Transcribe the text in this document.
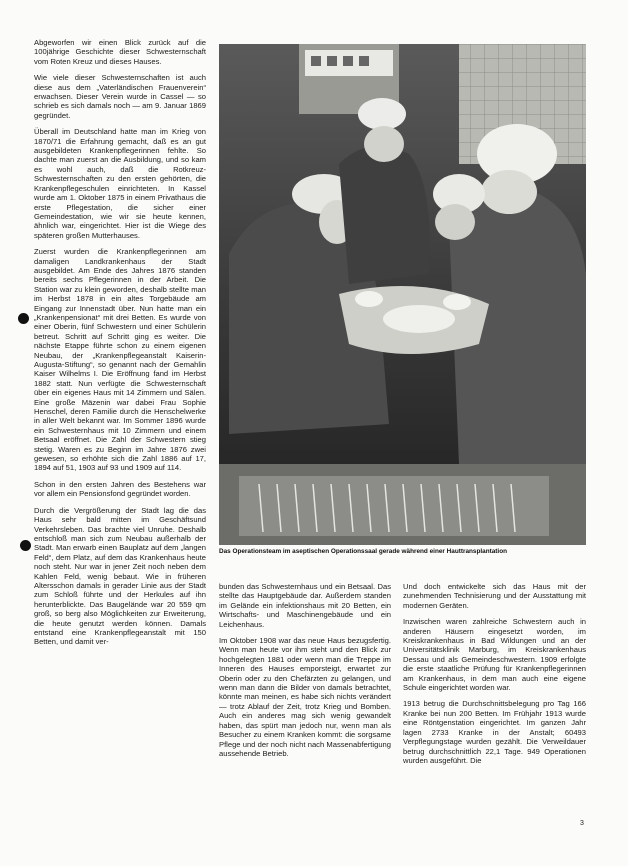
Abgeworfen wir einen Blick zurück auf die 100jährige Geschichte dieser Schwesternschaft vom Roten Kreuz und dieses Hauses.

Wie viele dieser Schwesternschaften ist auch diese aus dem „Vaterländischen Frauenverein“ erwachsen. Dieser Verein wurde in Cassel — so schrieb es sich damals noch — am 9. Januar 1869 gegründet.

Überall im Deutschland hatte man im Krieg von 1870/71 die Erfahrung gemacht, daß es an gut ausgebildeten Krankenpflegerinnen fehlte. So dachte man zuerst an die Ausbildung, und so kam es wohl auch, daß die Rotkreuz-Schwesternschaften zu den ersten gehörten, die Krankenpflegeschulen einrichteten. In Kassel wurde am 1. Oktober 1875 in einem Privathaus die erste Pflegestation, die sicher einer Gemeindestation, wie wir sie heute kennen, ähnlich war, eingerichtet. Hier ist die Wiege des späteren großen Mutterhauses.

Zuerst wurden die Krankenpflegerinnen am damaligen Landkrankenhaus der Stadt ausgebildet. Am Ende des Jahres 1876 standen bereits sechs Pflegerinnen in der Arbeit. Die Station war zu klein geworden, deshalb stellte man im Herbst 1878 in ein altes Torgebäude am Eingang zur Innenstadt über. Nun hatte man ein „Krankenpensionat“ mit drei Betten. Es wurde von einer Oberin, fünf Schwestern und einer Schülerin betreut. Schritt auf Schritt ging es weiter. Die nächste Etappe führte schon zu einem eigenen Neubau, der „Krankenpflegeanstalt Kaiserin-Augusta-Stiftung“, so genannt nach der Gemahlin Kaiser Wilhelms I. Die Eröffnung fand im Herbst 1882 statt. Nun verfügte die Schwesternschaft über ein eigenes Haus mit 14 Zimmern und Sälen. Eine große Mäzenin war dabei Frau Sophie Henschel, deren Familie durch die Henschelwerke in aller Welt bekannt war. Im Sommer 1896 wurde ein Schwesternhaus mit 10 Zimmern und einem Betsaal eröffnet. Die Zahl der Schwestern stieg stetig. Waren es zu Beginn im Jahre 1876 zwei gewesen, so erhöhte sich die Zahl 1886 auf 17, 1894 auf 51, 1903 auf 93 und 1909 auf 114.

Schon in den ersten Jahren des Bestehens war vor allem ein Pensionsfond gegründet worden.

Durch die Vergrößerung der Stadt lag die das Haus sehr bald mitten im Geschäftsund Verkehrsleben. Das brachte viel Unruhe. Deshalb entschloß man sich zum Neubau außerhalb der Stadt. Man erwarb einen Bauplatz auf dem „langen Feld“, dem Platz, auf dem das Krankenhaus heute noch steht. Nur war in jener Zeit noch neben dem Kahlen Feld, wenig bebaut. Wie in früheren Altersschon damals in gerader Linie aus der Stadt zum Schloß führte und der Herkules auf ihn herunterblickte. Das Baugelände war 20 559 qm groß, so berg also Möglichkeiten zur Erweiterung, die heute genutzt werden können. Damals entstand eine Krankenpflegeanstalt mit 150 Betten, und damit ver-

Das Operationsteam im aseptischen Operationssaal gerade während einer Hauttransplantation

bunden das Schwesternhaus und ein Betsaal. Das stellte das Hauptgebäude dar. Außerdem standen im Gelände ein infektionshaus mit 20 Betten, ein Wirtschafts- und Maschinengebäude und ein Leichenhaus.

Im Oktober 1908 war das neue Haus bezugsfertig. Wenn man heute vor ihm steht und den Blick zur hochgelegten 1881 oder wenn man die Treppe im Inneren des Hauses emporsteigt, erwartet zur Oberin oder zu den Chefärzten zu gelangen, und wenn man dann die Bilder von damals betrachtet, könnte man meinen, es habe sich nichts verändert — trotz Ablauf der Zeit, trotz Krieg und Bomben. Auch ein anderes mag sich wenig gewandelt haben, das spürt man jedoch nur, wenn man als Besucher zu einem Kranken kommt: die sorgsame Pflege und der noch nicht nach Massenabfertigung aussehende Betrieb.

Und doch entwickelte sich das Haus mit der zunehmenden Technisierung und der Ausstattung mit modernen Geräten.

Inzwischen waren zahlreiche Schwestern auch in anderen Häusern eingesetzt worden, im Kreiskrankenhaus in Bad Wildungen und an der Universitätsklinik Marburg, im Kreiskrankenhaus Dessau und als Gemeindeschwestern. 1909 erfolgte die erste staatliche Prüfung für Krankenpflegerinnen am Krankenhaus, in dem man auch eine eigene Schule eingerichtet worden war.

1913 betrug die Durchschnittsbelegung pro Tag 166 Kranke bei nun 200 Betten. Im Frühjahr 1913 wurde eine Röntgenstation eingerichtet. Im ganzen Jahr lagen 2733 Kranke in der Anstalt; 60493 Verpflegungstage wurden gezählt. Die Verweildauer betrug durchschnittlich 22,1 Tage. 949 Operationen wurden ausgeführt. Die

3
